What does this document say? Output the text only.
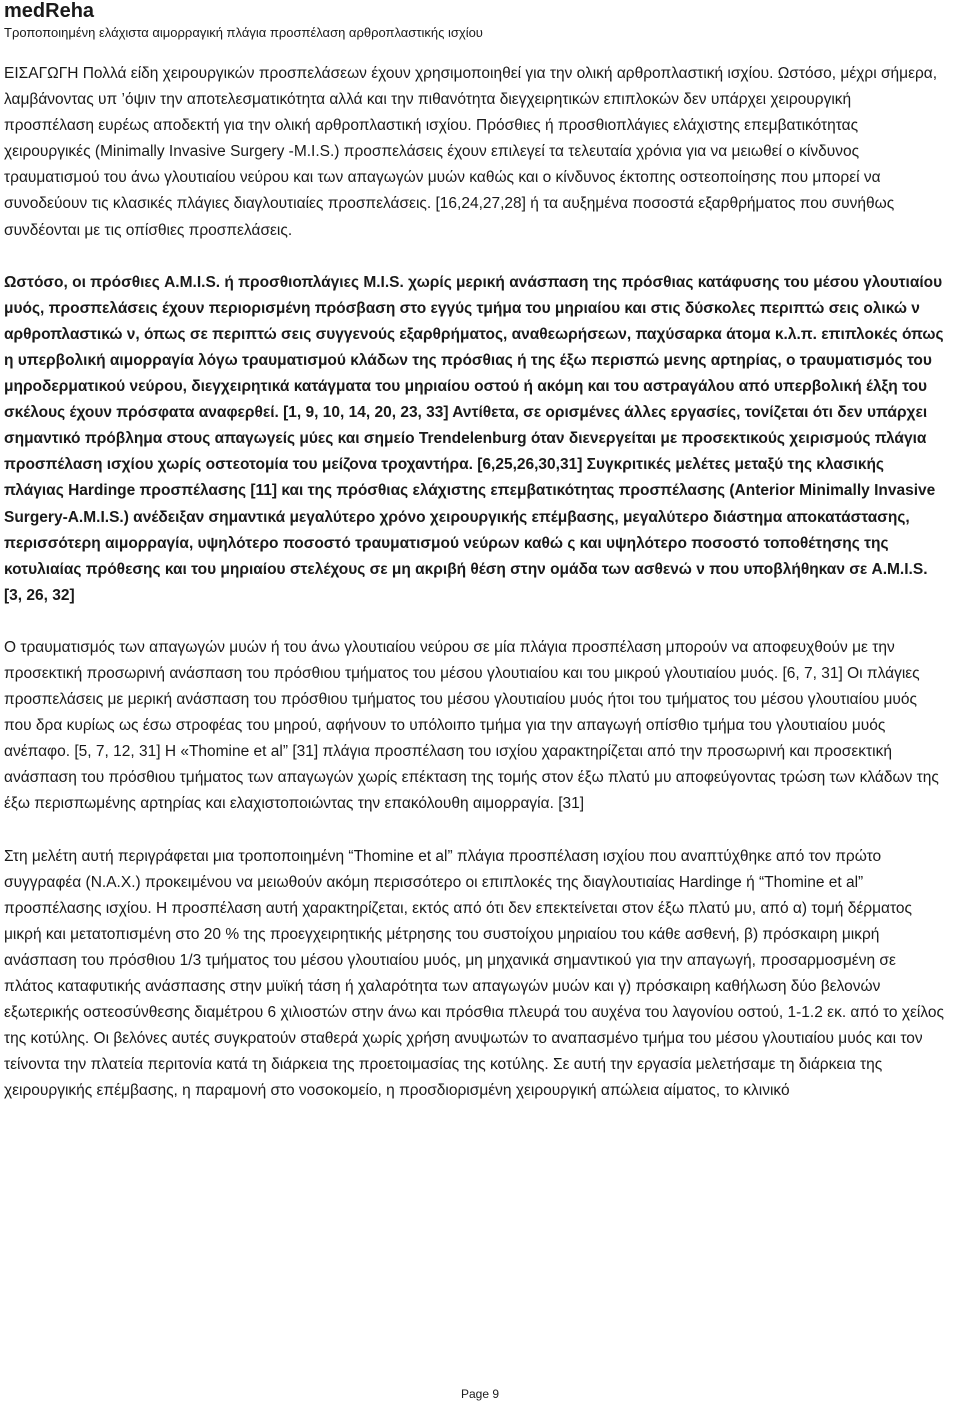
medReha
Τροποποιημένη ελάχιστα αιμορραγική πλάγια προσπέλαση αρθροπλαστικής ισχίου

ΕΙΣΑΓΩΓΗ Πολλά είδη χειρουργικών προσπελάσεων έχουν χρησιμοποιηθεί για την ολική αρθροπλαστική ισχίου. Ωστόσο, μέχρι σήμερα, λαμβάνοντας υπ ’όψιν την αποτελεσματικότητα αλλά και την πιθανότητα διεγχειρητικών επιπλοκών δεν υπάρχει χειρουργική προσπέλαση ευρέως αποδεκτή για την ολική αρθροπλαστική ισχίου. Πρόσθιες ή προσθιοπλάγιες ελάχιστης επεμβατικότητας χειρουργικές (Minimally Invasive Surgery -M.I.S.) προσπελάσεις έχουν επιλεγεί τα τελευταία χρόνια για να μειωθεί ο κίνδυνος τραυματισμού του άνω γλουτιαίου νεύρου και των απαγωγών μυών καθώς και ο κίνδυνος έκτοπης οστεοποίησης που μπορεί να συνοδεύουν τις κλασικές πλάγιες διαγλουτιαίες προσπελάσεις. [16,24,27,28] ή τα αυξημένα ποσοστά εξαρθρήματος που συνήθως συνδέονται με τις οπίσθιες προσπελάσεις.

Ωστόσο, οι πρόσθιες A.M.I.S. ή προσθιοπλάγιες M.I.S. χωρίς μερική ανάσπαση της πρόσθιας κατάφυσης του μέσου γλουτιαίου μυός, προσπελάσεις έχουν περιορισμένη πρόσβαση στο εγγύς τμήμα του μηριαίου και στις δύσκολες περιπτώ σεις ολικώ ν αρθροπλαστικώ ν, όπως σε περιπτώ σεις συγγενούς εξαρθρήματος, αναθεωρήσεων, παχύσαρκα άτομα κ.λ.π. επιπλοκές όπως η υπερβολική αιμορραγία λόγω τραυματισμού κλάδων της πρόσθιας ή της έξω περισπώ μενης αρτηρίας, ο τραυματισμός του μηροδερματικού νεύρου, διεγχειρητικά κατάγματα του μηριαίου οστού ή ακόμη και του αστραγάλου από υπερβολική έλξη του σκέλους έχουν πρόσφατα αναφερθεί. [1, 9, 10, 14, 20, 23, 33] Αντίθετα, σε ορισμένες άλλες εργασίες, τονίζεται ότι δεν υπάρχει σημαντικό πρόβλημα στους απαγωγείς μύες και σημείο Trendelenburg όταν διενεργείται με προσεκτικούς χειρισμούς πλάγια προσπέλαση ισχίου χωρίς οστεοτομία του μείζονα τροχαντήρα. [6,25,26,30,31] Συγκριτικές μελέτες μεταξύ της κλασικής πλάγιας Hardinge προσπέλασης [11] και της πρόσθιας ελάχιστης επεμβατικότητας προσπέλασης (Anterior Minimally Invasive Surgery-A.M.I.S.) ανέδειξαν σημαντικά μεγαλύτερο χρόνο χειρουργικής επέμβασης, μεγαλύτερο διάστημα αποκατάστασης, περισσότερη αιμορραγία, υψηλότερο ποσοστό τραυματισμού νεύρων καθώ ς και υψηλότερο ποσοστό τοποθέτησης της κοτυλιαίας πρόθεσης και του μηριαίου στελέχους σε μη ακριβή θέση στην ομάδα των ασθενώ ν που υποβλήθηκαν σε A.M.I.S. [3, 26, 32]

Ο τραυματισμός των απαγωγών μυών ή του άνω γλουτιαίου νεύρου σε μία πλάγια προσπέλαση μπορούν να αποφευχθούν με την προσεκτική προσωρινή ανάσπαση του πρόσθιου τμήματος του μέσου γλουτιαίου και του μικρού γλουτιαίου μυός. [6, 7, 31] Οι πλάγιες προσπελάσεις με μερική ανάσπαση του πρόσθιου τμήματος του μέσου γλουτιαίου μυός ήτοι του τμήματος του μέσου γλουτιαίου μυός που δρα κυρίως ως έσω στροφέας του μηρού, αφήνουν το υπόλοιπο τμήμα για την απαγωγή οπίσθιο τμήμα του γλουτιαίου μυός ανέπαφο. [5, 7, 12, 31] Η «Thomine et al” [31] πλάγια προσπέλαση του ισχίου χαρακτηρίζεται από την προσωρινή και προσεκτική ανάσπαση του πρόσθιου τμήματος των απαγωγών χωρίς επέκταση της τομής στον έξω πλατύ μυ αποφεύγοντας τρώση των κλάδων της έξω περισπωμένης αρτηρίας και ελαχιστοποιώντας την επακόλουθη αιμορραγία. [31]

Στη μελέτη αυτή περιγράφεται μια τροποποιημένη “Thomine et al” πλάγια προσπέλαση ισχίου που αναπτύχθηκε από τον πρώτο συγγραφέα (Ν.Α.Χ.) προκειμένου να μειωθούν ακόμη περισσότερο οι επιπλοκές της διαγλουτιαίας Hardinge ή “Thomine et al” προσπέλασης ισχίου. Η προσπέλαση αυτή χαρακτηρίζεται, εκτός από ότι δεν επεκτείνεται στον έξω πλατύ μυ, από α) τομή δέρματος μικρή και μετατοπισμένη στο 20 % της προεγχειρητικής μέτρησης του συστοίχου μηριαίου του κάθε ασθενή, β) πρόσκαιρη μικρή ανάσπαση του πρόσθιου 1/3 τμήματος του μέσου γλουτιαίου μυός, μη μηχανικά σημαντικού για την απαγωγή, προσαρμοσμένη σε πλάτος καταφυτικής ανάσπασης στην μυϊκή τάση ή χαλαρότητα των απαγωγών μυών και γ) πρόσκαιρη καθήλωση δύο βελονών εξωτερικής οστεοσύνθεσης διαμέτρου 6 χιλιοστών στην άνω και πρόσθια πλευρά του αυχένα του λαγονίου οστού, 1-1.2 εκ. από το χείλος της κοτύλης. Οι βελόνες αυτές συγκρατούν σταθερά χωρίς χρήση ανυψωτών το αναπασμένο τμήμα του μέσου γλουτιαίου μυός και τον τείνοντα την πλατεία περιτονία κατά τη διάρκεια της προετοιμασίας της κοτύλης. Σε αυτή την εργασία μελετήσαμε τη διάρκεια της χειρουργικής επέμβασης, η παραμονή στο νοσοκομείο, η προσδιορισμένη χειρουργική απώλεια αίματος, το κλινικό

Page 9
